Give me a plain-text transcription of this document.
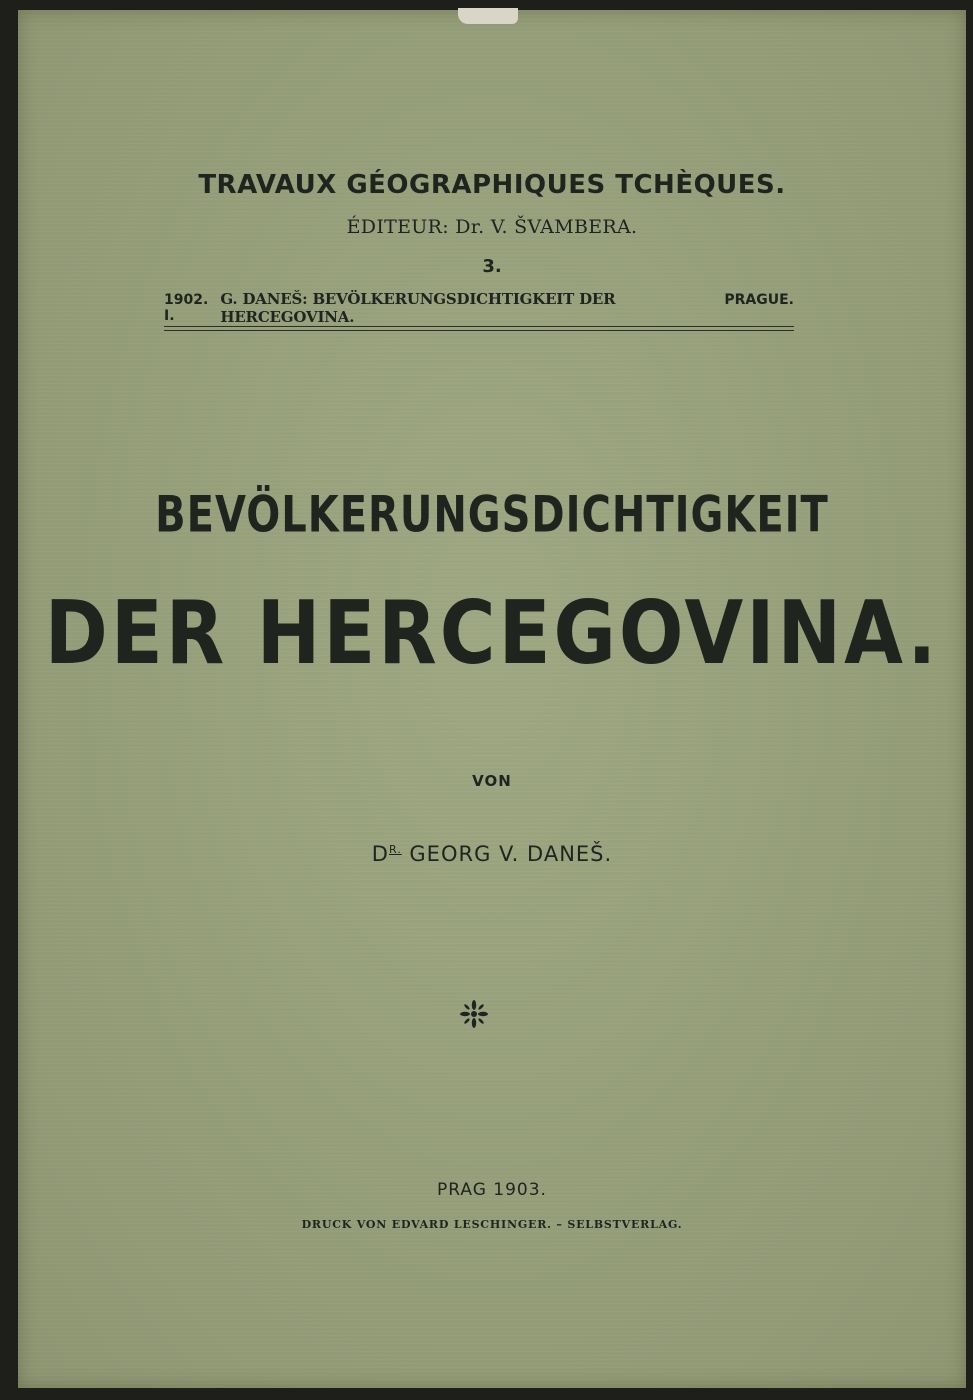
TRAVAUX GÉOGRAPHIQUES TCHÈQUES.
ÉDITEUR: Dr. V. ŠVAMBERA.
3.
1902. I.
G. DANEŠ: BEVÖLKERUNGSDICHTIGKEIT DER HERCEGOVINA.
PRAGUE.
BEVÖLKERUNGSDICHTIGKEIT
DER HERCEGOVINA.
VON
$D^{R.}$ GEORG V. DANEŠ.
PRAG 1903.
DRUCK VON EDVARD LESCHINGER. – SELBSTVERLAG.
